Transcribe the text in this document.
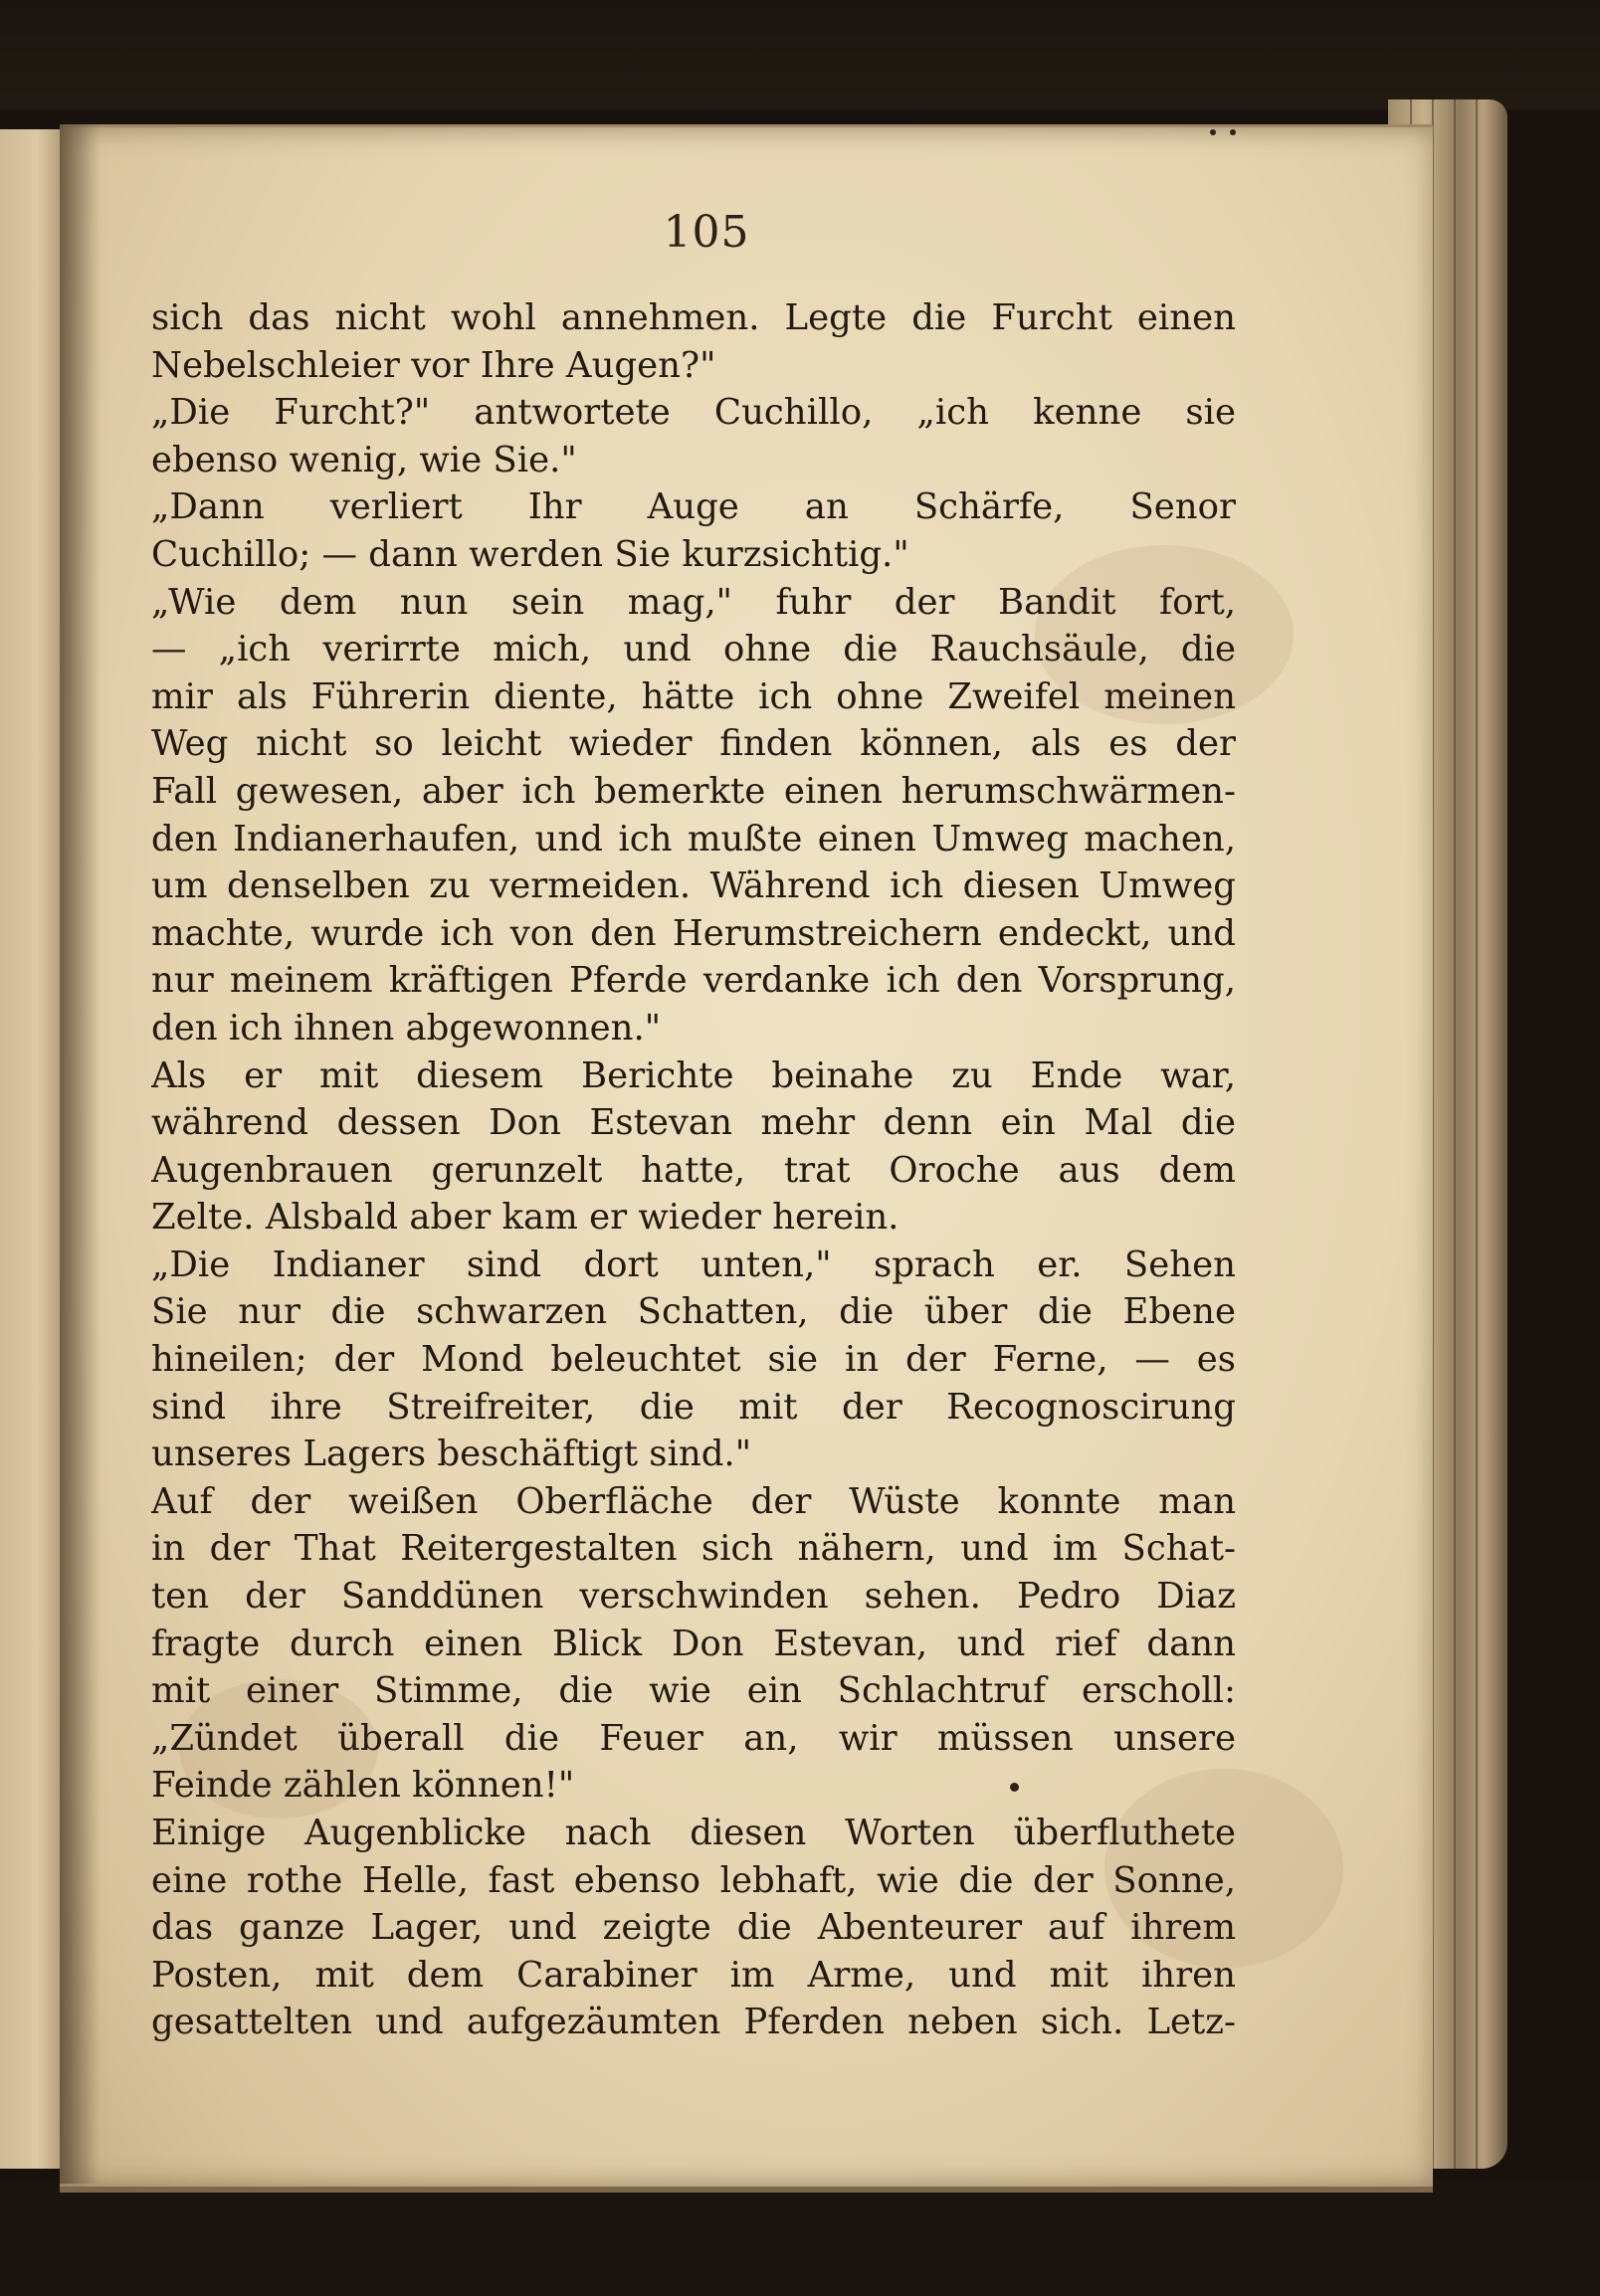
105
sich das nicht wohl annehmen. Legte die Furcht einen
Nebelschleier vor Ihre Augen?"
„Die Furcht?" antwortete Cuchillo, „ich kenne sie
ebenso wenig, wie Sie."
„Dann verliert Ihr Auge an Schärfe, Senor
Cuchillo; — dann werden Sie kurzsichtig."
„Wie dem nun sein mag," fuhr der Bandit fort,
— „ich verirrte mich, und ohne die Rauchsäule, die
mir als Führerin diente, hätte ich ohne Zweifel meinen
Weg nicht so leicht wieder finden können, als es der
Fall gewesen, aber ich bemerkte einen herumschwärmen-
den Indianerhaufen, und ich mußte einen Umweg machen,
um denselben zu vermeiden. Während ich diesen Umweg
machte, wurde ich von den Herumstreichern endeckt, und
nur meinem kräftigen Pferde verdanke ich den Vorsprung,
den ich ihnen abgewonnen."
Als er mit diesem Berichte beinahe zu Ende war,
während dessen Don Estevan mehr denn ein Mal die
Augenbrauen gerunzelt hatte, trat Oroche aus dem
Zelte. Alsbald aber kam er wieder herein.
„Die Indianer sind dort unten," sprach er. Sehen
Sie nur die schwarzen Schatten, die über die Ebene
hineilen; der Mond beleuchtet sie in der Ferne, — es
sind ihre Streifreiter, die mit der Recognoscirung
unseres Lagers beschäftigt sind."
Auf der weißen Oberfläche der Wüste konnte man
in der That Reitergestalten sich nähern, und im Schat-
ten der Sanddünen verschwinden sehen. Pedro Diaz
fragte durch einen Blick Don Estevan, und rief dann
mit einer Stimme, die wie ein Schlachtruf erscholl:
„Zündet überall die Feuer an, wir müssen unsere
Feinde zählen können!"
Einige Augenblicke nach diesen Worten überfluthete
eine rothe Helle, fast ebenso lebhaft, wie die der Sonne,
das ganze Lager, und zeigte die Abenteurer auf ihrem
Posten, mit dem Carabiner im Arme, und mit ihren
gesattelten und aufgezäumten Pferden neben sich. Letz-
